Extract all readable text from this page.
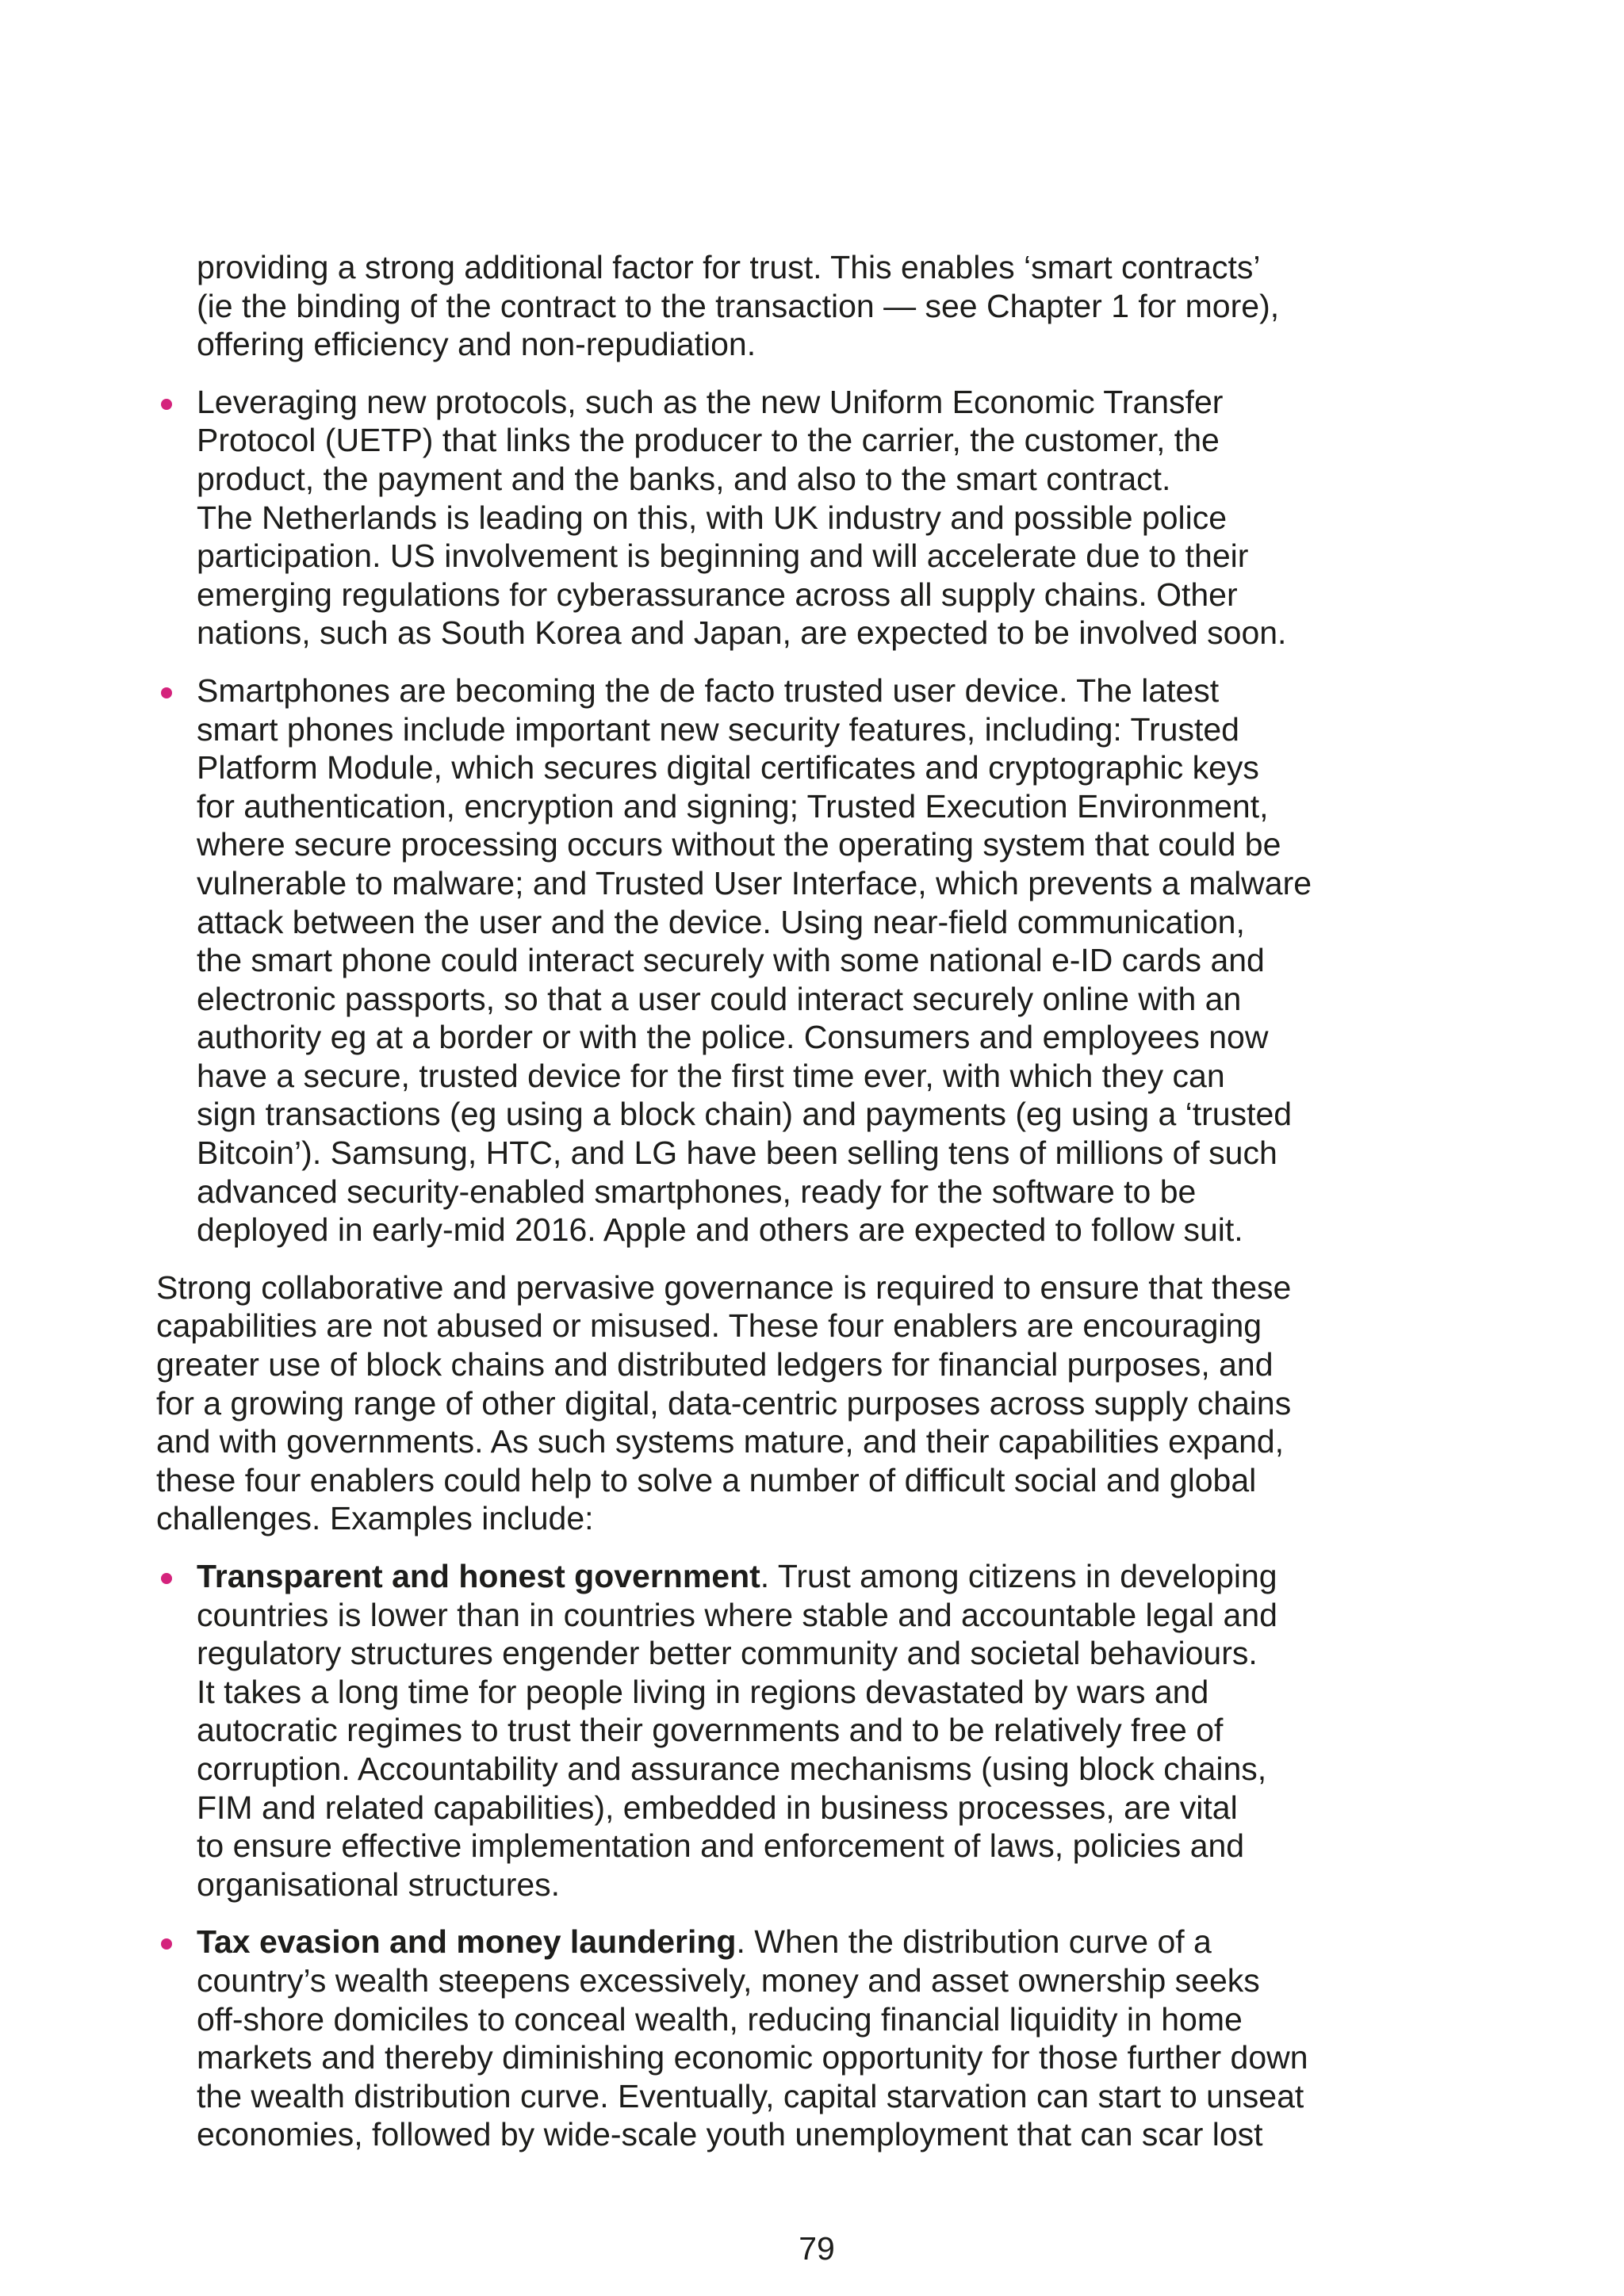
providing a strong additional factor for trust. This enables ‘smart contracts’
(ie the binding of the contract to the transaction — see Chapter 1 for more),
offering efficiency and non-repudiation.
Leveraging new protocols, such as the new Uniform Economic Transfer
Protocol (UETP) that links the producer to the carrier, the customer, the
product, the payment and the banks, and also to the smart contract.
The Netherlands is leading on this, with UK industry and possible police
participation. US involvement is beginning and will accelerate due to their
emerging regulations for cyberassurance across all supply chains. Other
nations, such as South Korea and Japan, are expected to be involved soon.
Smartphones are becoming the de facto trusted user device. The latest
smart phones include important new security features, including: Trusted
Platform Module, which secures digital certificates and cryptographic keys
for authentication, encryption and signing; Trusted Execution Environment,
where secure processing occurs without the operating system that could be
vulnerable to malware; and Trusted User Interface, which prevents a malware
attack between the user and the device. Using near-field communication,
the smart phone could interact securely with some national e-ID cards and
electronic passports, so that a user could interact securely online with an
authority eg at a border or with the police. Consumers and employees now
have a secure, trusted device for the first time ever, with which they can
sign transactions (eg using a block chain) and payments (eg using a ‘trusted
Bitcoin’). Samsung, HTC, and LG have been selling tens of millions of such
advanced security-enabled smartphones, ready for the software to be
deployed in early-mid 2016. Apple and others are expected to follow suit.
Strong collaborative and pervasive governance is required to ensure that these
capabilities are not abused or misused. These four enablers are encouraging
greater use of block chains and distributed ledgers for financial purposes, and
for a growing range of other digital, data-centric purposes across supply chains
and with governments. As such systems mature, and their capabilities expand,
these four enablers could help to solve a number of difficult social and global
challenges. Examples include:
Transparent and honest government. Trust among citizens in developing
countries is lower than in countries where stable and accountable legal and
regulatory structures engender better community and societal behaviours.
It takes a long time for people living in regions devastated by wars and
autocratic regimes to trust their governments and to be relatively free of
corruption. Accountability and assurance mechanisms (using block chains,
FIM and related capabilities), embedded in business processes, are vital
to ensure effective implementation and enforcement of laws, policies and
organisational structures.
Tax evasion and money laundering. When the distribution curve of a
country’s wealth steepens excessively, money and asset ownership seeks
off-shore domiciles to conceal wealth, reducing financial liquidity in home
markets and thereby diminishing economic opportunity for those further down
the wealth distribution curve. Eventually, capital starvation can start to unseat
economies, followed by wide-scale youth unemployment that can scar lost
79
